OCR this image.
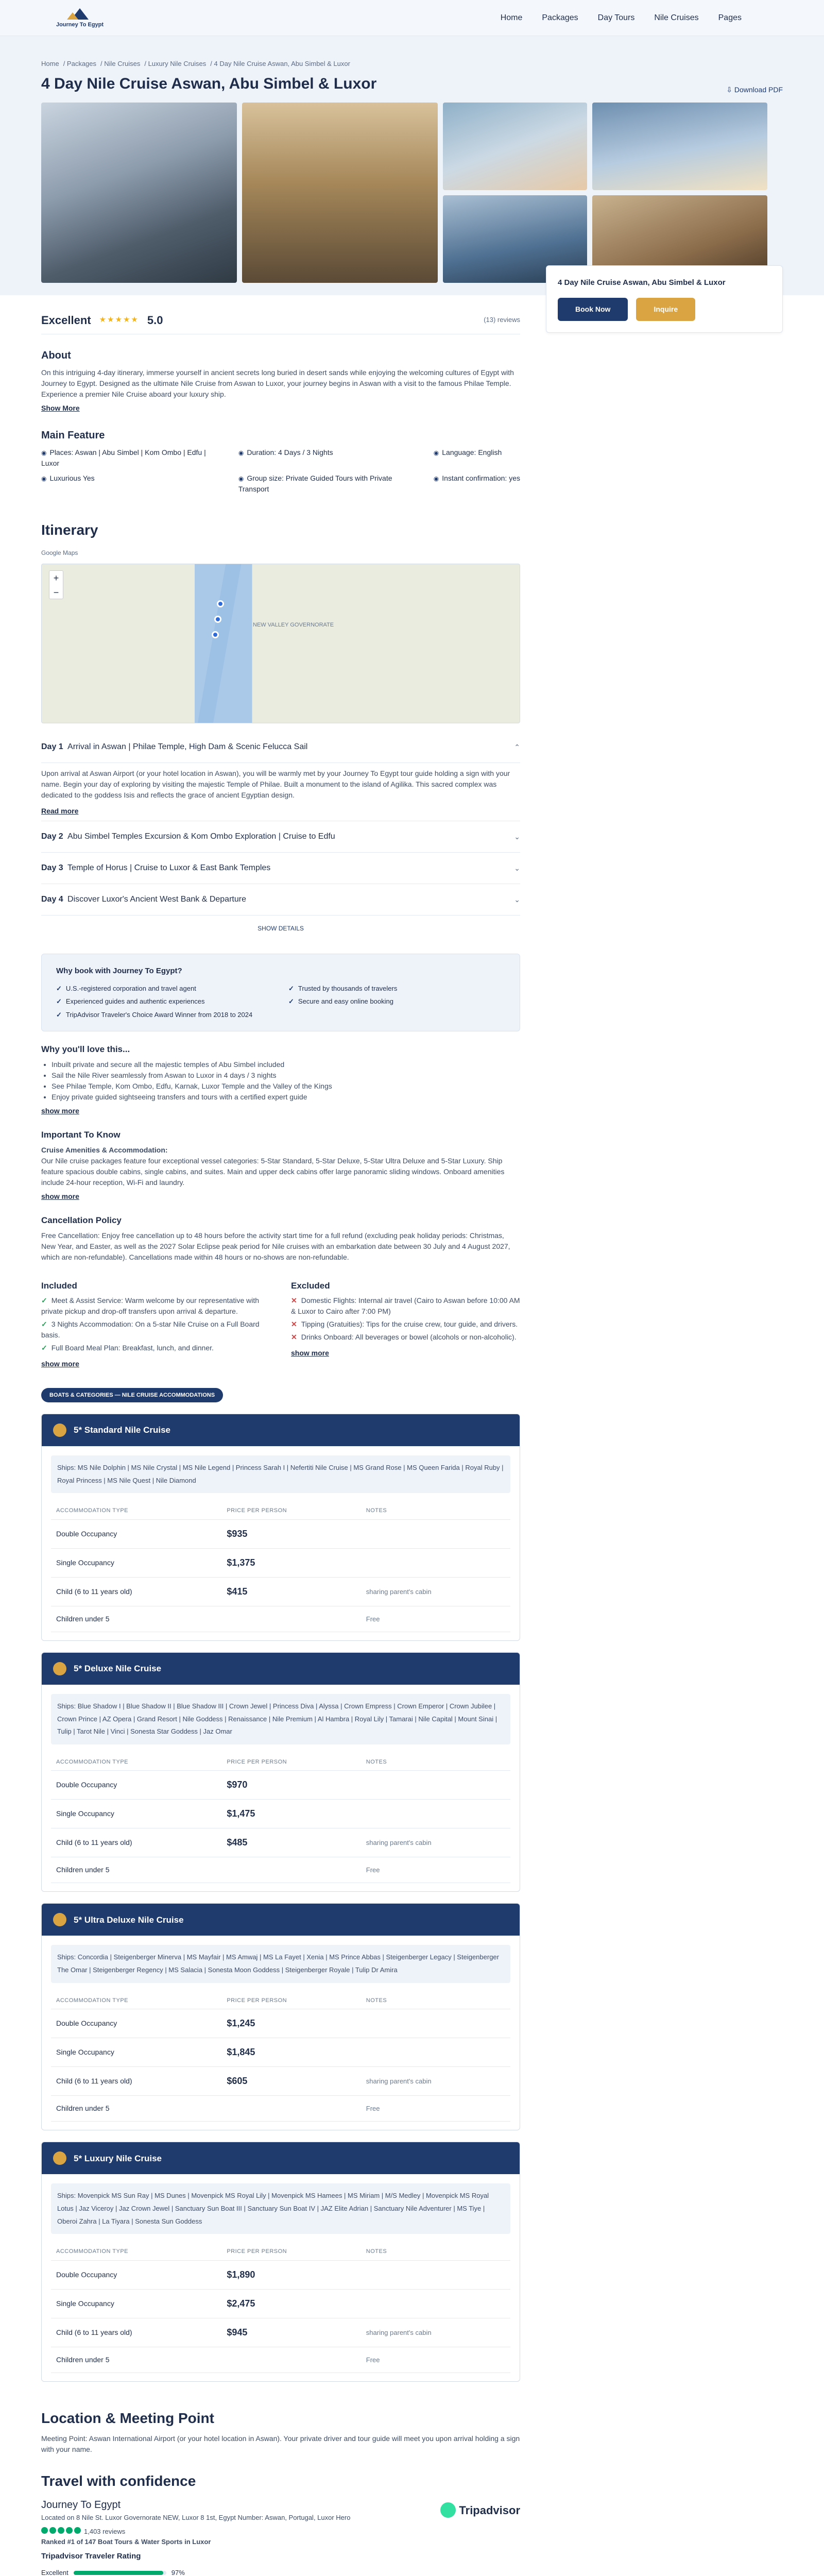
Journey To Egypt
Home Packages Day Tours Nile Cruises Pages
Home / Packages / Nile Cruises / Luxury Nile Cruises / 4 Day Nile Cruise Aswan, Abu Simbel & Luxor
4 Day Nile Cruise Aswan, Abu Simbel & Luxor	⇩ Download PDF
Excellent ★★★★★ 5.0	(13) reviews
About

On this intriguing 4-day itinerary, immerse yourself in ancient secrets long buried in desert sands while enjoying the welcoming cultures of Egypt with Journey to Egypt. Designed as the ultimate Nile Cruise from Aswan to Luxor, your journey begins in Aswan with a visit to the famous Philae Temple. Experience a premier Nile Cruise aboard your luxury ship.

Show More
Main Feature
◉ Places: Aswan | Abu Simbel | Kom Ombo | Edfu | Luxor
◉ Duration: 4 Days / 3 Nights	◉ Language: English
◉ Luxurious Yes	◉ Group size: Private Guided Tours with Private Transport
◉ Instant confirmation: yes
4 Day Nile Cruise Aswan, Abu Simbel & Luxor
Book Now	Inquire
Itinerary
Google Maps
NEW VALLEY GOVERNORATE
+
−
Day 1 Arrival in Aswan | Philae Temple, High Dam & Scenic Felucca Sail	⌃

Upon arrival at Aswan Airport (or your hotel location in Aswan), you will be warmly met by your Journey To Egypt tour guide holding a sign with your name. Begin your day of exploring by visiting the majestic Temple of Philae. Built a monument to the island of Agilika. This sacred complex was dedicated to the goddess Isis and reflects the grace of ancient Egyptian design.

Read more
Day 2 Abu Simbel Temples Excursion & Kom Ombo Exploration | Cruise to Edfu	⌄
Day 3 Temple of Horus | Cruise to Luxor & East Bank Temples	⌄
Day 4 Discover Luxor's Ancient West Bank & Departure	⌄
SHOW DETAILS
Why book with Journey To Egypt?
✓ U.S.-registered corporation and travel agent	✓ Trusted by thousands of travelers
✓ Experienced guides and authentic experiences	✓ Secure and easy online booking
✓ TripAdvisor Traveler's Choice Award Winner from 2018 to 2024
Why you'll love this...
• Inbuilt private and secure all the majestic temples of Abu Simbel included
• Sail the Nile River seamlessly from Aswan to Luxor in 4 days / 3 nights
• See Philae Temple, Kom Ombo, Edfu, Karnak, Luxor Temple and the Valley of the Kings
• Enjoy private guided sightseeing transfers and tours with a certified expert guide
show more
Important To Know

Cruise Amenities & Accommodation:

Our Nile cruise packages feature four exceptional vessel categories: 5-Star Standard, 5-Star Deluxe, 5-Star Ultra Deluxe and 5-Star Luxury. Ship feature spacious double cabins, single cabins, and suites. Main and upper deck cabins offer large panoramic sliding windows. Onboard amenities include 24-hour reception, Wi-Fi and laundry.

show more
Cancellation Policy

Free Cancellation: Enjoy free cancellation up to 48 hours before the activity start time for a full refund (excluding peak holiday periods: Christmas, New Year, and Easter, as well as the 2027 Solar Eclipse peak period for Nile cruises with an embarkation date between 30 July and 4 August 2027, which are non-refundable). Cancellations made within 48 hours or no-shows are non-refundable.

Included
✓ Meet & Assist Service: Warm welcome by our representative with private pickup and drop-off transfers upon arrival & departure.
✓ 3 Nights Accommodation: On a 5-star Nile Cruise on a Full Board basis.
✓ Full Board Meal Plan: Breakfast, lunch, and dinner.
show more
Excluded
✕ Domestic Flights: Internal air travel (Cairo to Aswan before 10:00 AM & Luxor to Cairo after 7:00 PM)
✕ Tipping (Gratuities): Tips for the cruise crew, tour guide, and drivers.
✕ Drinks Onboard: All beverages or bowel (alcohols or non-alcoholic).
show more
BOATS & CATEGORIES — NILE CRUISE ACCOMMODATIONS
5* Standard Nile Cruise
Ships: MS Nile Dolphin | MS Nile Crystal | MS Nile Legend | Princess Sarah I | Nefertiti Nile Cruise | MS Grand Rose | MS Queen Farida | Royal Ruby | Royal Princess | MS Nile Quest | Nile Diamond
ACCOMMODATION TYPE	PRICE PER PERSON	NOTES
Double Occupancy	$935	
Single Occupancy	$1,375	
Child (6 to 11 years old)	$415	sharing parent's cabin
Children under 5		Free
5* Deluxe Nile Cruise
Ships: Blue Shadow I | Blue Shadow II | Blue Shadow III | Crown Jewel | Princess Diva | Alyssa | Crown Empress | Crown Emperor | Crown Jubilee | Crown Prince | AZ Opera | Grand Resort | Nile Goddess | Renaissance | Nile Premium | Al Hambra | Royal Lily | Tamarai | Nile Capital | Mount Sinai | Tulip | Tarot Nile | Vinci | Sonesta Star Goddess | Jaz Omar
ACCOMMODATION TYPE	PRICE PER PERSON	NOTES
Double Occupancy	$970	
Single Occupancy	$1,475	
Child (6 to 11 years old)	$485	sharing parent's cabin
Children under 5		Free
5* Ultra Deluxe Nile Cruise
Ships: Concordia | Steigenberger Minerva | MS Mayfair | MS Amwaj | MS La Fayet | Xenia | MS Prince Abbas | Steigenberger Legacy | Steigenberger The Omar | Steigenberger Regency | MS Salacia | Sonesta Moon Goddess | Steigenberger Royale | Tulip Dr Amira
ACCOMMODATION TYPE	PRICE PER PERSON	NOTES
Double Occupancy	$1,245	
Single Occupancy	$1,845	
Child (6 to 11 years old)	$605	sharing parent's cabin
Children under 5		Free
5* Luxury Nile Cruise
Ships: Movenpick MS Sun Ray | MS Dunes | Movenpick MS Royal Lily | Movenpick MS Hamees | MS Miriam | M/S Medley | Movenpick MS Royal Lotus | Jaz Viceroy | Jaz Crown Jewel | Sanctuary Sun Boat III | Sanctuary Sun Boat IV | JAZ Elite Adrian | Sanctuary Nile Adventurer | MS Tiye | Oberoi Zahra | La Tiyara | Sonesta Sun Goddess
ACCOMMODATION TYPE	PRICE PER PERSON	NOTES
Double Occupancy	$1,890	
Single Occupancy	$2,475	
Child (6 to 11 years old)	$945	sharing parent's cabin
Children under 5		Free
Location & Meeting Point

Meeting Point: Aswan International Airport (or your hotel location in Aswan). Your private driver and tour guide will meet you upon arrival holding a sign with your name.

Travel with confidence
Journey To Egypt
Located on 8 Nile St. Luxor Governorate NEW, Luxor 8 1st, Egypt Number: Aswan, Portugal, Luxor Hero
Tripadvisor
1,403 reviews
Ranked #1 of 147 Boat Tours & Water Sports in Luxor
Tripadvisor Traveler Rating
Excellent	97%
